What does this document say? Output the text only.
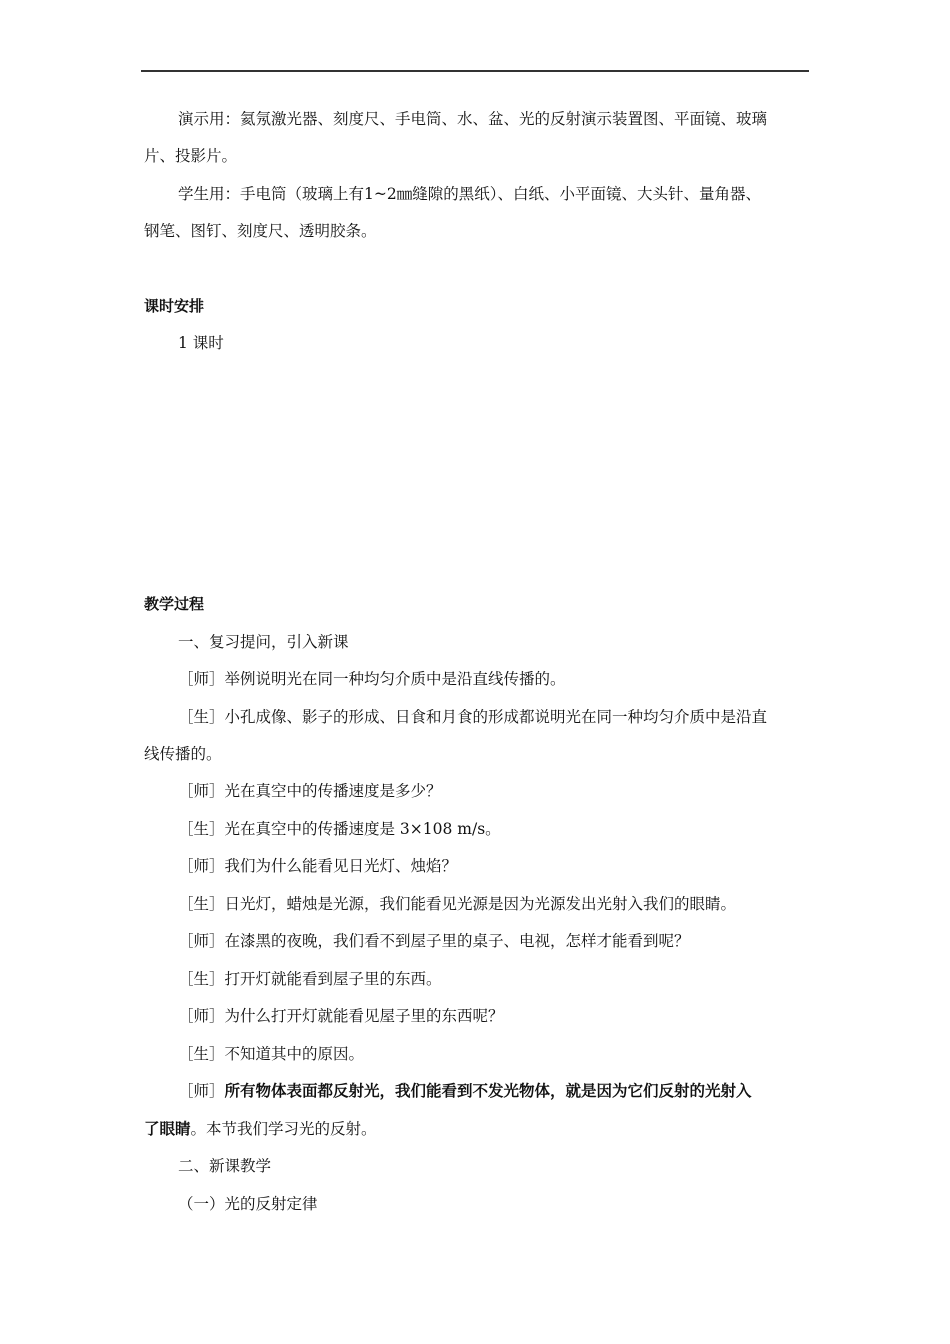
演示用：氦氖激光器、刻度尺、手电筒、水、盆、光的反射演示装置图、平面镜、玻璃
片、投影片。
学生用：手电筒（玻璃上有1~2㎜缝隙的黑纸）、白纸、小平面镜、大头针、量角器、
钢笔、图钉、刻度尺、透明胶条。
课时安排
1 课时
教学过程
一、复习提问，引入新课
［师］举例说明光在同一种均匀介质中是沿直线传播的。
［生］小孔成像、影子的形成、日食和月食的形成都说明光在同一种均匀介质中是沿直
线传播的。
［师］光在真空中的传播速度是多少？
［生］光在真空中的传播速度是 3×108 m/s。
［师］我们为什么能看见日光灯、烛焰？
［生］日光灯，蜡烛是光源，我们能看见光源是因为光源发出光射入我们的眼睛。
［师］在漆黑的夜晚，我们看不到屋子里的桌子、电视，怎样才能看到呢？
［生］打开灯就能看到屋子里的东西。
［师］为什么打开灯就能看见屋子里的东西呢？
［生］不知道其中的原因。
［师］所有物体表面都反射光，我们能看到不发光物体，就是因为它们反射的光射入
了眼睛。本节我们学习光的反射。
二、新课教学
（一）光的反射定律
